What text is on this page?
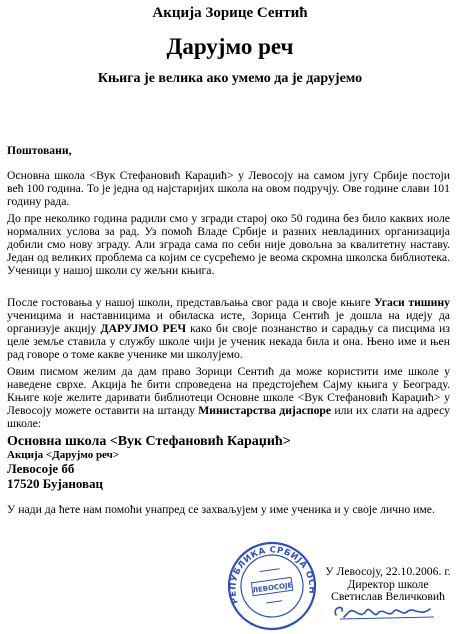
Акција Зорице Сентић
Даруjмо реч
Књига је велика ако умемо да је даруjемо

Поштовани,

Основна школа <Вук Стефановић Караџић> у Левосоју на самом југу Србије постоји већ 100 година. То је једна од најстаријих школа на овом подручју. Ове године слави 101 годину рада.

До пре неколико година радили смо у згради старој око 50 година без било каквих иоле нормалних услова за рад. Уз помоћ Владе Србије и разних невладиних организација добили смо нову зграду. Али зграда сама по себи није довољна за квалитетну наставу. Један од великих проблема са којим се сусрећемо је веома скромна школска библиотека. Ученици у нашој школи су жељни књига.

После гостовања у нашој школи, представљања свог рада и своје књиге Угаси тишину ученицима и наставницима и обиласка исте, Зорица Сентић је дошла на идеју да организује акцију ДАРУЈМО РЕЧ како би своје познанство и сарадњу са писцима из целе земље ставила у службу школе чији је ученик некада била и она. Њено име и њен рад говоре о томе какве ученике ми школујемо.

Овим писмом желим да дам право Зорици Сентић да може користити име школе у наведене сврхе. Акција ће бити спроведена на предстојећем Сајму књига у Београду. Књиге које желите даривати библиотеци Основне школе <Вук Стефановић Караџић> у Левосоју можете оставити на штанду Министарства дијаспоре или их слати на адресу школе:

Основна школа <Вук Стефановић Караџић>
Акција <Даруjмо реч>
Левосоје бб
17520 Бујановац

У нади да ћете нам помоћи унапред се захваљујем у име ученика и у своје лично име.

РЕПУБЛИКА СРБИЈА ОСНОВНА
ЛЕВОСОЈЕ
У Левосоју, 22.10.2006. г.
Директор школе
Светислав Величковић
